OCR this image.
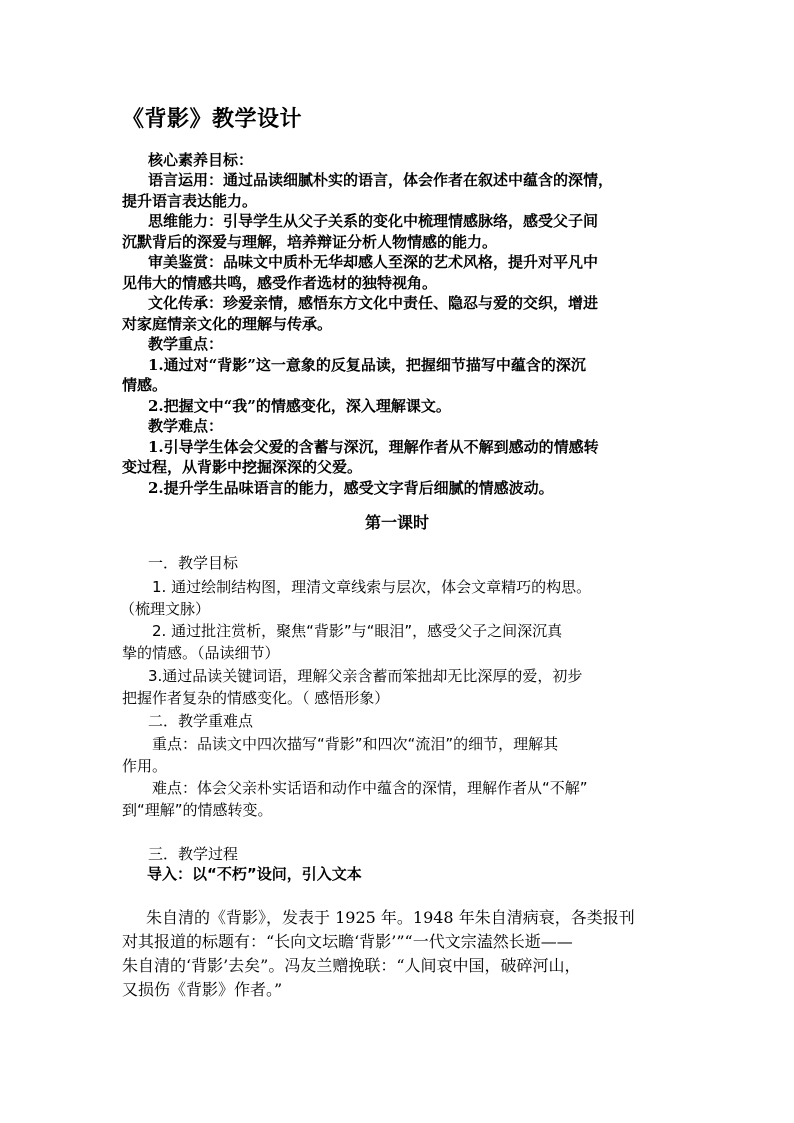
《背影》教学设计
核心素养目标：
语言运用：通过品读细腻朴实的语言，体会作者在叙述中蕴含的深情，
提升语言表达能力。
思维能力：引导学生从父子关系的变化中梳理情感脉络，感受父子间
沉默背后的深爱与理解，培养辩证分析人物情感的能力。
审美鉴赏：品味文中质朴无华却感人至深的艺术风格，提升对平凡中
见伟大的情感共鸣，感受作者选材的独特视角。
文化传承：珍爱亲情，感悟东方文化中责任、隐忍与爱的交织，增进
对家庭情亲文化的理解与传承。
教学重点：
1.通过对“背影”这一意象的反复品读，把握细节描写中蕴含的深沉
情感。
2.把握文中“我”的情感变化，深入理解课文。
教学难点：
1.引导学生体会父爱的含蓄与深沉，理解作者从不解到感动的情感转
变过程，从背影中挖掘深深的父爱。
2.提升学生品味语言的能力，感受文字背后细腻的情感波动。
第一课时
一．教学目标
1. 通过绘制结构图，理清文章线索与层次，体会文章精巧的构思。
（梳理文脉）
2. 通过批注赏析，聚焦“背影”与“眼泪”，感受父子之间深沉真
挚的情感。（品读细节）
3.通过品读关键词语，理解父亲含蓄而笨拙却无比深厚的爱，初步
把握作者复杂的情感变化。（ 感悟形象）
二．教学重难点
重点：品读文中四次描写“背影”和四次“流泪”的细节，理解其
作用。
难点：体会父亲朴实话语和动作中蕴含的深情，理解作者从“不解”
到“理解”的情感转变。
三．教学过程
导入：以“不朽”设问，引入文本
朱自清的《背影》，发表于 1925 年。1948 年朱自清病衰，各类报刊
对其报道的标题有：“长向文坛瞻‘背影’”“一代文宗溘然长逝——
朱自清的‘背影’去矣”。冯友兰赠挽联：“人间哀中国，破碎河山，
又损伤《背影》作者。”
